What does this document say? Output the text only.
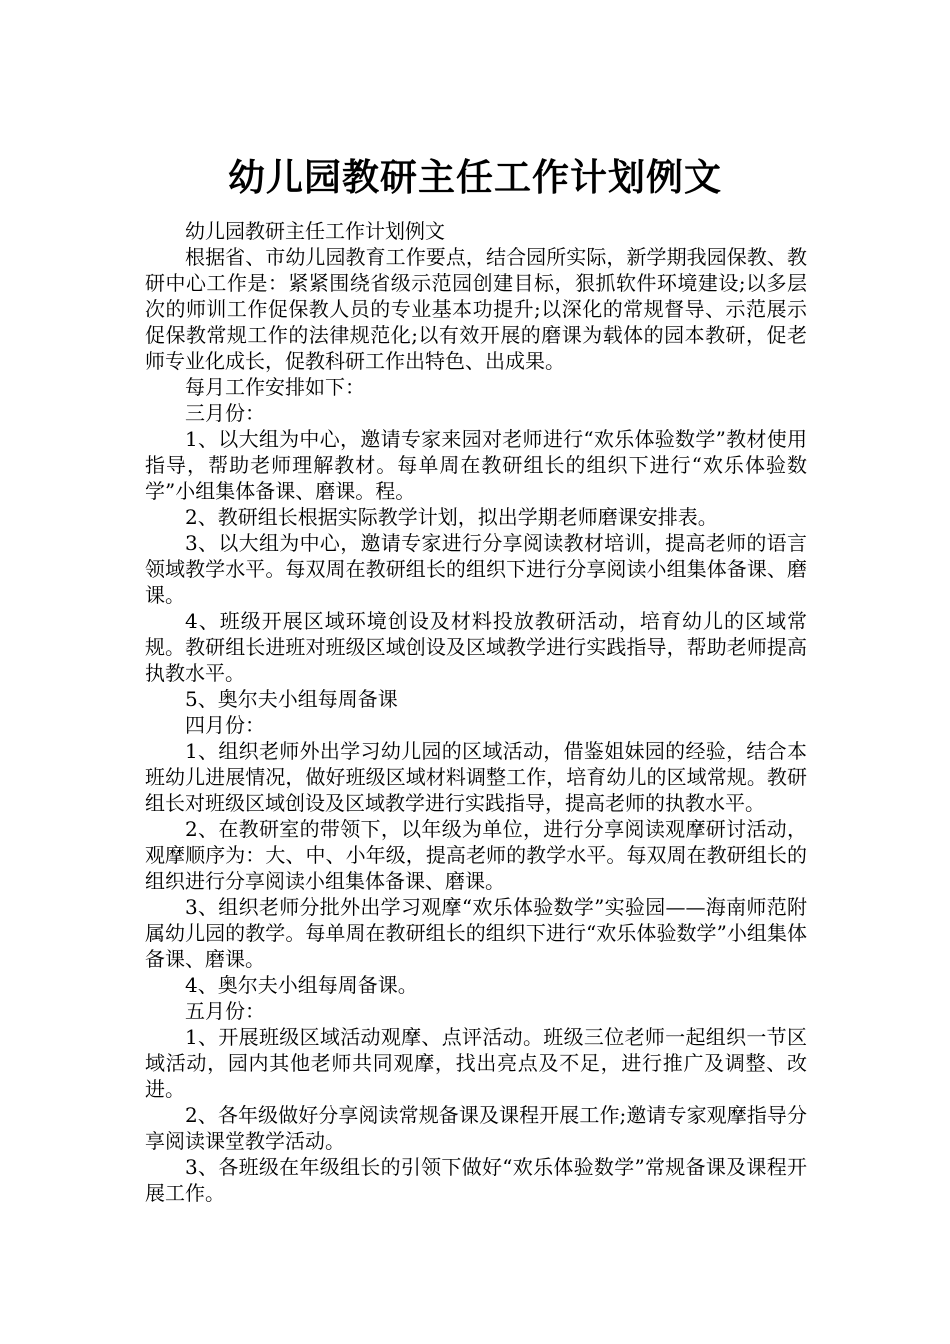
幼儿园教研主任工作计划例文

幼儿园教研主任工作计划例文

根据省、市幼儿园教育工作要点，结合园所实际，新学期我园保教、教研中心工作是：紧紧围绕省级示范园创建目标，狠抓软件环境建设;以多层次的师训工作促保教人员的专业基本功提升;以深化的常规督导、示范展示促保教常规工作的法律规范化;以有效开展的磨课为载体的园本教研，促老师专业化成长，促教科研工作出特色、出成果。

每月工作安排如下：

三月份：

1、以大组为中心，邀请专家来园对老师进行“欢乐体验数学”教材使用指导，帮助老师理解教材。每单周在教研组长的组织下进行“欢乐体验数学”小组集体备课、磨课。程。

2、教研组长根据实际教学计划，拟出学期老师磨课安排表。

3、以大组为中心，邀请专家进行分享阅读教材培训，提高老师的语言领域教学水平。每双周在教研组长的组织下进行分享阅读小组集体备课、磨课。

4、班级开展区域环境创设及材料投放教研活动，培育幼儿的区域常规。教研组长进班对班级区域创设及区域教学进行实践指导，帮助老师提高执教水平。

5、奥尔夫小组每周备课

四月份：

1、组织老师外出学习幼儿园的区域活动，借鉴姐妹园的经验，结合本班幼儿进展情况，做好班级区域材料调整工作，培育幼儿的区域常规。教研组长对班级区域创设及区域教学进行实践指导，提高老师的执教水平。

2、在教研室的带领下，以年级为单位，进行分享阅读观摩研讨活动，观摩顺序为：大、中、小年级，提高老师的教学水平。每双周在教研组长的组织进行分享阅读小组集体备课、磨课。

3、组织老师分批外出学习观摩“欢乐体验数学”实验园——海南师范附属幼儿园的教学。每单周在教研组长的组织下进行“欢乐体验数学”小组集体备课、磨课。

4、奥尔夫小组每周备课。

五月份：

1、开展班级区域活动观摩、点评活动。班级三位老师一起组织一节区域活动，园内其他老师共同观摩，找出亮点及不足，进行推广及调整、改进。

2、各年级做好分享阅读常规备课及课程开展工作;邀请专家观摩指导分享阅读课堂教学活动。

3、各班级在年级组长的引领下做好“欢乐体验数学”常规备课及课程开展工作。
